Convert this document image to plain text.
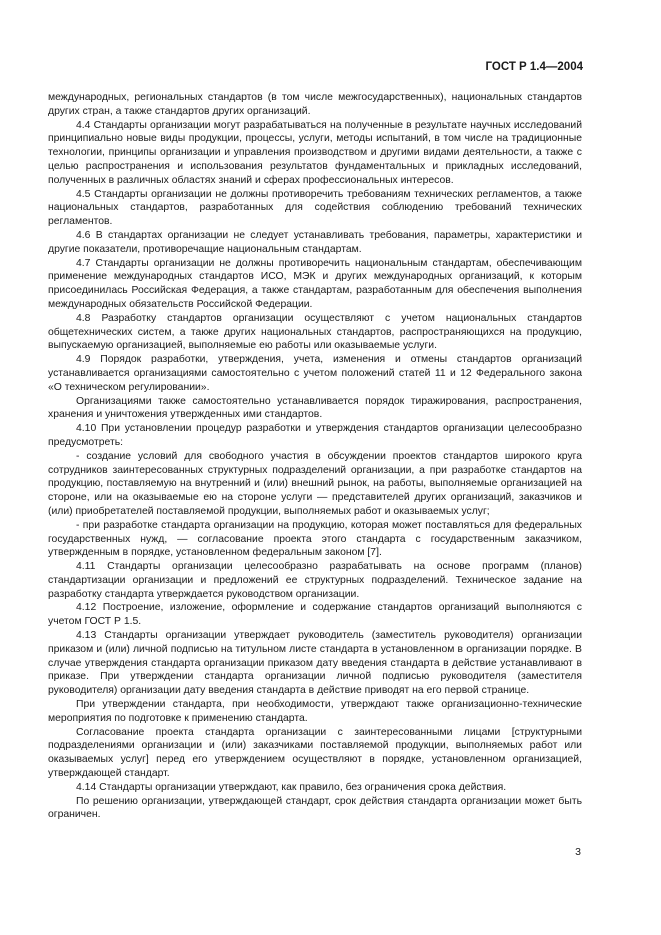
ГОСТ Р 1.4—2004

международных, региональных стандартов (в том числе межгосударственных), национальных стандартов других стран, а также стандартов других организаций.

4.4 Стандарты организации могут разрабатываться на полученные в результате научных исследований принципиально новые виды продукции, процессы, услуги, методы испытаний, в том числе на традиционные технологии, принципы организации и управления производством и другими видами деятельности, а также с целью распространения и использования результатов фундаментальных и прикладных исследований, полученных в различных областях знаний и сферах профессиональных интересов.

4.5 Стандарты организации не должны противоречить требованиям технических регламентов, а также национальных стандартов, разработанных для содействия соблюдению требований технических регламентов.

4.6 В стандартах организации не следует устанавливать требования, параметры, характеристики и другие показатели, противоречащие национальным стандартам.

4.7 Стандарты организации не должны противоречить национальным стандартам, обеспечивающим применение международных стандартов ИСО, МЭК и других международных организаций, к которым присоединилась Российская Федерация, а также стандартам, разработанным для обеспечения выполнения международных обязательств Российской Федерации.

4.8 Разработку стандартов организации осуществляют с учетом национальных стандартов общетехнических систем, а также других национальных стандартов, распространяющихся на продукцию, выпускаемую организацией, выполняемые ею работы или оказываемые услуги.

4.9 Порядок разработки, утверждения, учета, изменения и отмены стандартов организаций устанавливается организациями самостоятельно с учетом положений статей 11 и 12 Федерального закона «О техническом регулировании».

Организациями также самостоятельно устанавливается порядок тиражирования, распространения, хранения и уничтожения утвержденных ими стандартов.

4.10 При установлении процедур разработки и утверждения стандартов организации целесообразно предусмотреть:

- создание условий для свободного участия в обсуждении проектов стандартов широкого круга сотрудников заинтересованных структурных подразделений организации, а при разработке стандартов на продукцию, поставляемую на внутренний и (или) внешний рынок, на работы, выполняемые организацией на стороне, или на оказываемые ею на стороне услуги — представителей других организаций, заказчиков и (или) приобретателей поставляемой продукции, выполняемых работ и оказываемых услуг;

- при разработке стандарта организации на продукцию, которая может поставляться для федеральных государственных нужд, — согласование проекта этого стандарта с государственным заказчиком, утвержденным в порядке, установленном федеральным законом [7].

4.11 Стандарты организации целесообразно разрабатывать на основе программ (планов) стандартизации организации и предложений ее структурных подразделений. Техническое задание на разработку стандарта утверждается руководством организации.

4.12 Построение, изложение, оформление и содержание стандартов организаций выполняются с учетом ГОСТ Р 1.5.

4.13 Стандарты организации утверждает руководитель (заместитель руководителя) организации приказом и (или) личной подписью на титульном листе стандарта в установленном в организации порядке. В случае утверждения стандарта организации приказом дату введения стандарта в действие устанавливают в приказе. При утверждении стандарта организации личной подписью руководителя (заместителя руководителя) организации дату введения стандарта в действие приводят на его первой странице.

При утверждении стандарта, при необходимости, утверждают также организационно-технические мероприятия по подготовке к применению стандарта.

Согласование проекта стандарта организации с заинтересованными лицами [структурными подразделениями организации и (или) заказчиками поставляемой продукции, выполняемых работ или оказываемых услуг] перед его утверждением осуществляют в порядке, установленном организацией, утверждающей стандарт.

4.14 Стандарты организации утверждают, как правило, без ограничения срока действия.

По решению организации, утверждающей стандарт, срок действия стандарта организации может быть ограничен.

3
